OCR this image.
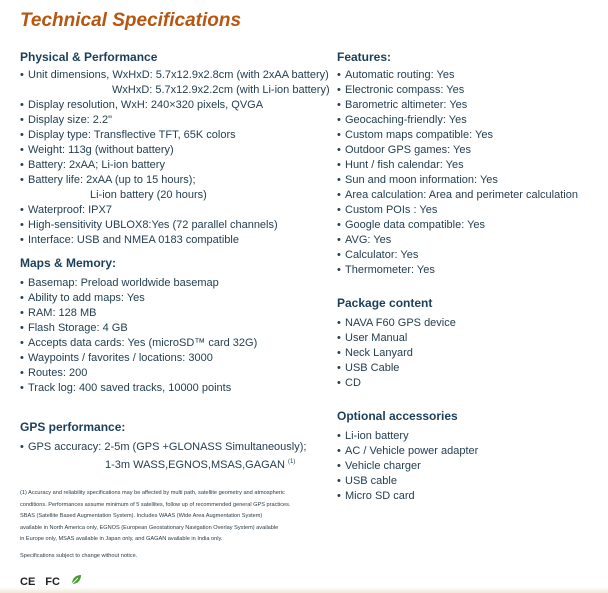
Technical Specifications
Physical & Performance
• Unit dimensions, WxHxD: 5.7x12.9x2.8cm (with 2xAA battery)
WxHxD: 5.7x12.9x2.2cm (with Li-ion battery)
• Display resolution, WxH: 240×320 pixels, QVGA
• Display size: 2.2"
• Display type: Transflective TFT, 65K colors
• Weight: 113g (without battery)
• Battery: 2xAA; Li-ion battery
• Battery life: 2xAA (up to 15 hours);
Li-ion battery (20 hours)
• Waterproof: IPX7
• High-sensitivity UBLOX8:Yes (72 parallel channels)
• Interface: USB and NMEA 0183 compatible
Maps & Memory:
• Basemap: Preload worldwide basemap
• Ability to add maps: Yes
• RAM: 128 MB
• Flash Storage: 4 GB
• Accepts data cards: Yes (microSD™ card 32G)
• Waypoints / favorites / locations: 3000
• Routes: 200
• Track log: 400 saved tracks, 10000 points
GPS performance:
• GPS accuracy: 2-5m (GPS +GLONASS Simultaneously);
1-3m WASS,EGNOS,MSAS,GAGAN $^{(1)}$

(1) Accuracy and reliability specifications may be affected by multi path, satellite geometry and atmospheric

conditions. Performances assume minimum of 5 satellites, follow up of recommended general GPS practices.

SBAS (Satellite Based Augmentation System). Includes WAAS (Wide Area Augmentation System)

available in North America only, EGNOS (European Geostationary Navigation Overlay System) available

in Europe only, MSAS available in Japan only, and GAGAN available in India only.

Specifications subject to change without notice.
CE FC
Features:
• Automatic routing: Yes
• Electronic compass: Yes
• Barometric altimeter: Yes
• Geocaching-friendly: Yes
• Custom maps compatible: Yes
• Outdoor GPS games: Yes
• Hunt / fish calendar: Yes
• Sun and moon information: Yes
• Area calculation: Area and perimeter calculation
• Custom POIs : Yes
• Google data compatible: Yes
• AVG: Yes
• Calculator: Yes
• Thermometer: Yes
Package content
• NAVA F60 GPS device
• User Manual
• Neck Lanyard
• USB Cable
• CD
Optional accessories
• Li-ion battery
• AC / Vehicle power adapter
• Vehicle charger
• USB cable
• Micro SD card
